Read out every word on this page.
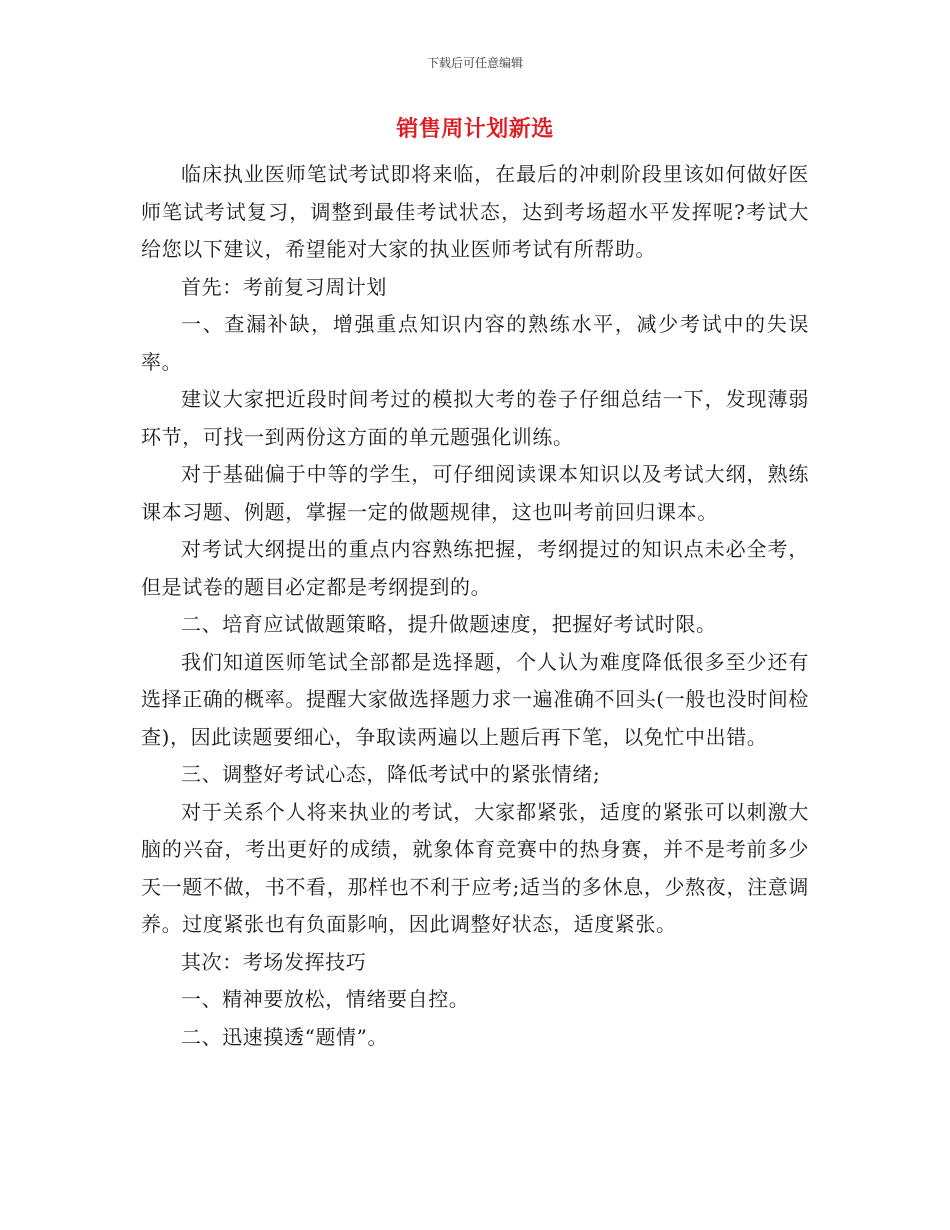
下载后可任意编辑
销售周计划新选

临床执业医师笔试考试即将来临，在最后的冲刺阶段里该如何做好医师笔试考试复习，调整到最佳考试状态，达到考场超水平发挥呢?考试大给您以下建议，希望能对大家的执业医师考试有所帮助。

首先：考前复习周计划

一、查漏补缺，增强重点知识内容的熟练水平，减少考试中的失误率。

建议大家把近段时间考过的模拟大考的卷子仔细总结一下，发现薄弱环节，可找一到两份这方面的单元题强化训练。

对于基础偏于中等的学生，可仔细阅读课本知识以及考试大纲，熟练课本习题、例题，掌握一定的做题规律，这也叫考前回归课本。

对考试大纲提出的重点内容熟练把握，考纲提过的知识点未必全考，但是试卷的题目必定都是考纲提到的。

二、培育应试做题策略，提升做题速度，把握好考试时限。

我们知道医师笔试全部都是选择题，个人认为难度降低很多至少还有选择正确的概率。提醒大家做选择题力求一遍准确不回头(一般也没时间检查)，因此读题要细心，争取读两遍以上题后再下笔，以免忙中出错。

三、调整好考试心态，降低考试中的紧张情绪;

对于关系个人将来执业的考试，大家都紧张，适度的紧张可以刺激大脑的兴奋，考出更好的成绩，就象体育竞赛中的热身赛，并不是考前多少天一题不做，书不看，那样也不利于应考;适当的多休息，少熬夜，注意调养。过度紧张也有负面影响，因此调整好状态，适度紧张。

其次：考场发挥技巧

一、精神要放松，情绪要自控。

二、迅速摸透“题情”。
